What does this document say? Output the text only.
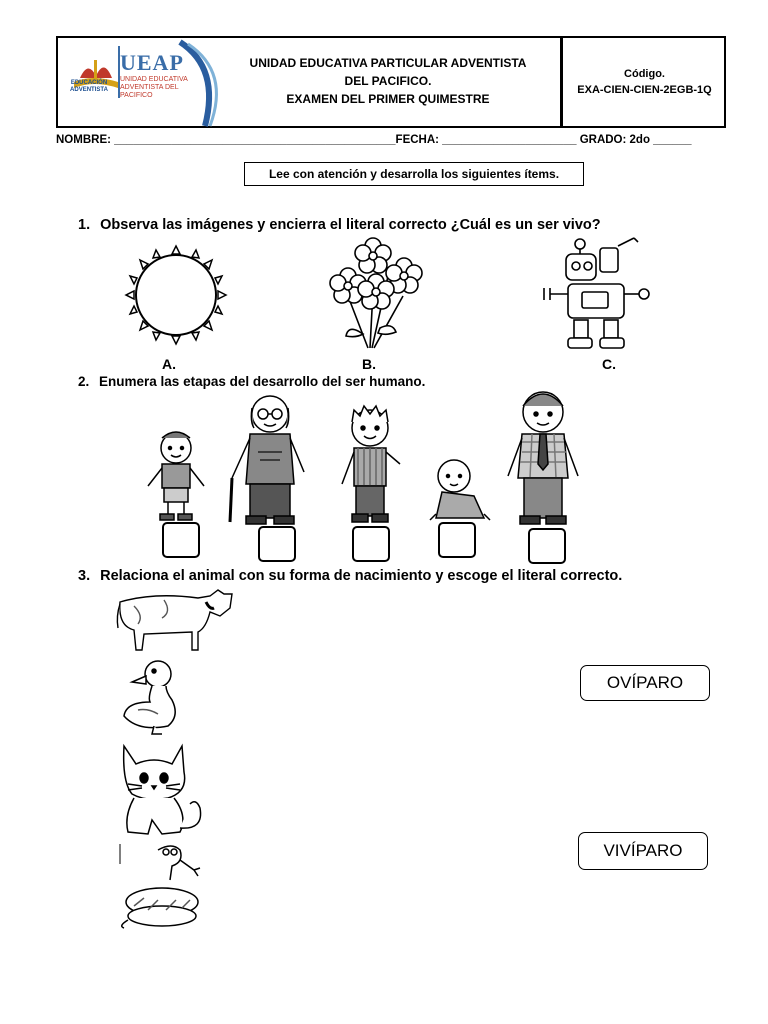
UEAP
UNIDAD EDUCATIVA ADVENTISTA DEL PACIFICO
EDUCACIÓN ADVENTISTA
UNIDAD EDUCATIVA PARTICULAR ADVENTISTA
DEL PACIFICO.
EXAMEN DEL PRIMER QUIMESTRE
Código.
EXA-CIEN-CIEN-2EGB-1Q
NOMBRE: ____________________________________________FECHA: _____________________ GRADO: 2do ______
Lee con atención y desarrolla los siguientes ítems.
1. Observa las imágenes y encierra el literal correcto ¿Cuál es un ser vivo?
A.	B.	C.
2. Enumera las etapas del desarrollo del ser humano.
3. Relaciona el animal con su forma de nacimiento y escoge el literal correcto.
OVÍPARO
VIVÍPARO
